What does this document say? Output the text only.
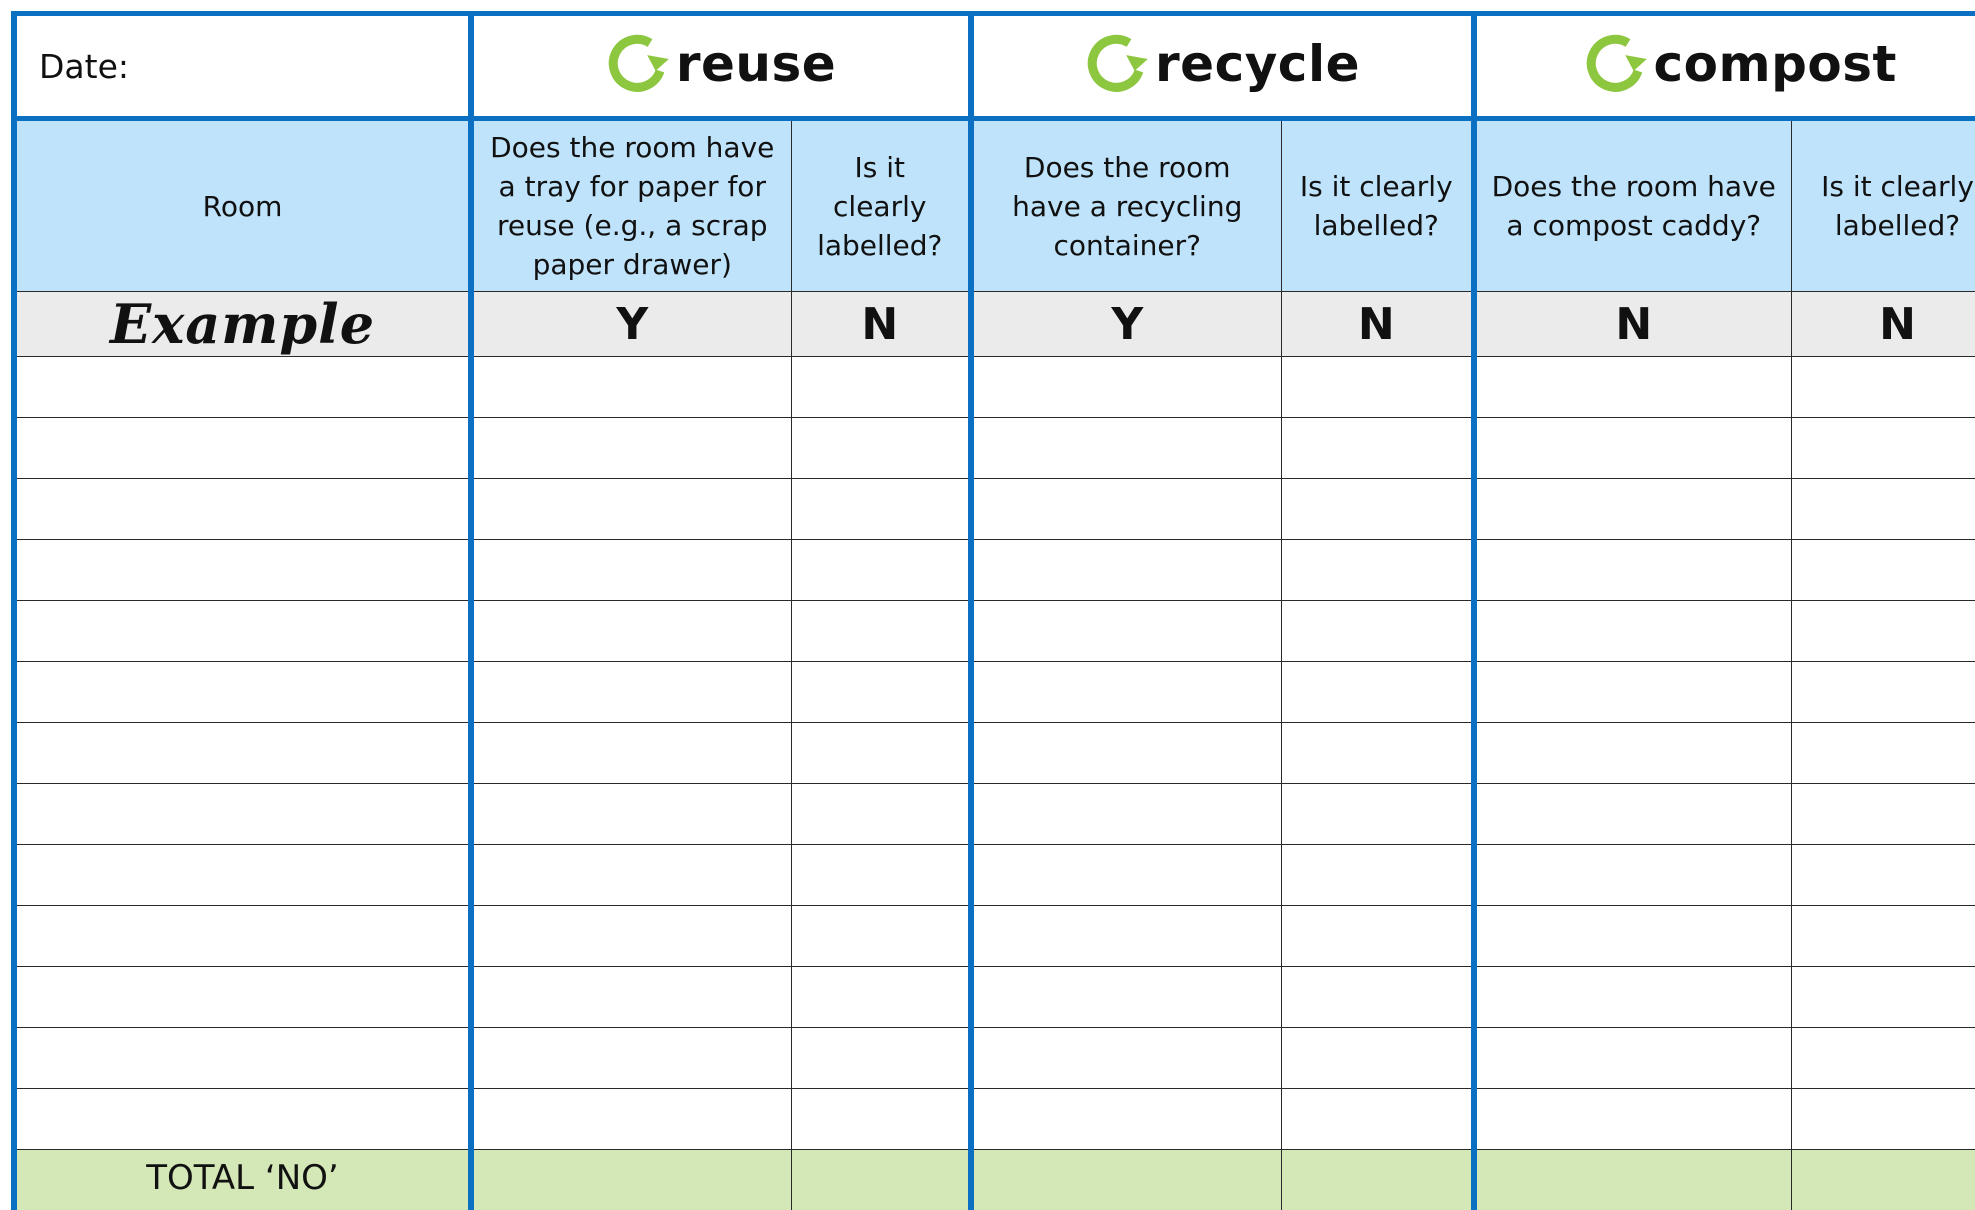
Date:	reuse		recycle		compost	

Room	Does the room have a tray for paper for reuse (e.g., a scrap paper drawer)	Is it clearly labelled?	Does the room have a recycling container?	Is it clearly labelled?	Does the room have a compost caddy?	Is it clearly labelled?
Example	Y	N	Y	N	N	N

TOTAL ‘NO’						
